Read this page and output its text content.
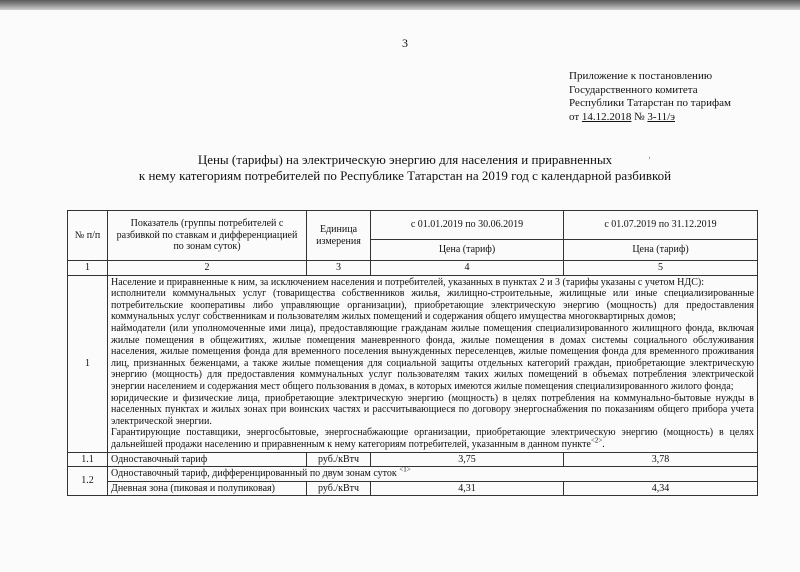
3
Приложение к постановлению
Государственного комитета
Республики Татарстан по тарифам
от 14.12.2018 № 3-11/э
‚
Цены (тарифы) на электрическую энергию для населения и приравненных
к нему категориям потребителей по Республике Татарстан на 2019 год с календарной разбивкой
№ п/п	Показатель (группы потребителей с разбивкой по ставкам и дифференциацией по зонам суток)	Единица измерения	с 01.01.2019 по 30.06.2019	с 01.07.2019 по 31.12.2019
			Цена (тариф)	Цена (тариф)
1	2	3	4	5
1	Население и приравненные к ним, за исключением населения и потребителей, указанных в пунктах 2 и 3 (тарифы указаны с учетом НДС):

исполнители коммунальных услуг (товарищества собственников жилья, жилищно-строительные, жилищные или иные специализированные потребительские кооперативы либо управляющие организации), приобретающие электрическую энергию (мощность) для предоставления коммунальных услуг собственникам и пользователям жилых помещений и содержания общего имущества многоквартирных домов;

наймодатели (или уполномоченные ими лица), предоставляющие гражданам жилые помещения специализированного жилищного фонда, включая жилые помещения в общежитиях, жилые помещения маневренного фонда, жилые помещения в домах системы социального обслуживания населения, жилые помещения фонда для временного поселения вынужденных переселенцев, жилые помещения фонда для временного проживания лиц, признанных беженцами, а также жилые помещения для социальной защиты отдельных категорий граждан, приобретающие электрическую энергию (мощность) для предоставления коммунальных услуг пользователям таких жилых помещений в объемах потребления электрической энергии населением и содержания мест общего пользования в домах, в которых имеются жилые помещения специализированного жилого фонда;

юридические и физические лица, приобретающие электрическую энергию (мощность) в целях потребления на коммунально-бытовые нужды в населенных пунктах и жилых зонах при воинских частях и рассчитывающиеся по договору энергоснабжения по показаниям общего прибора учета электрической энергии.

Гарантирующие поставщики, энергосбытовые, энергоснабжающие организации, приобретающие электрическую энергию (мощность) в целях дальнейшей продажи населению и приравненным к нему категориям потребителей, указанным в данном пункте$^{<2>}$.			

1.1	Одноставочный тариф	руб./кВтч	3,75	3,78
1.2	Одноставочный тариф, дифференцированный по двум зонам суток $^{<1>}$
	Дневная зона (пиковая и полупиковая)	руб./кВтч	4,31	4,34
